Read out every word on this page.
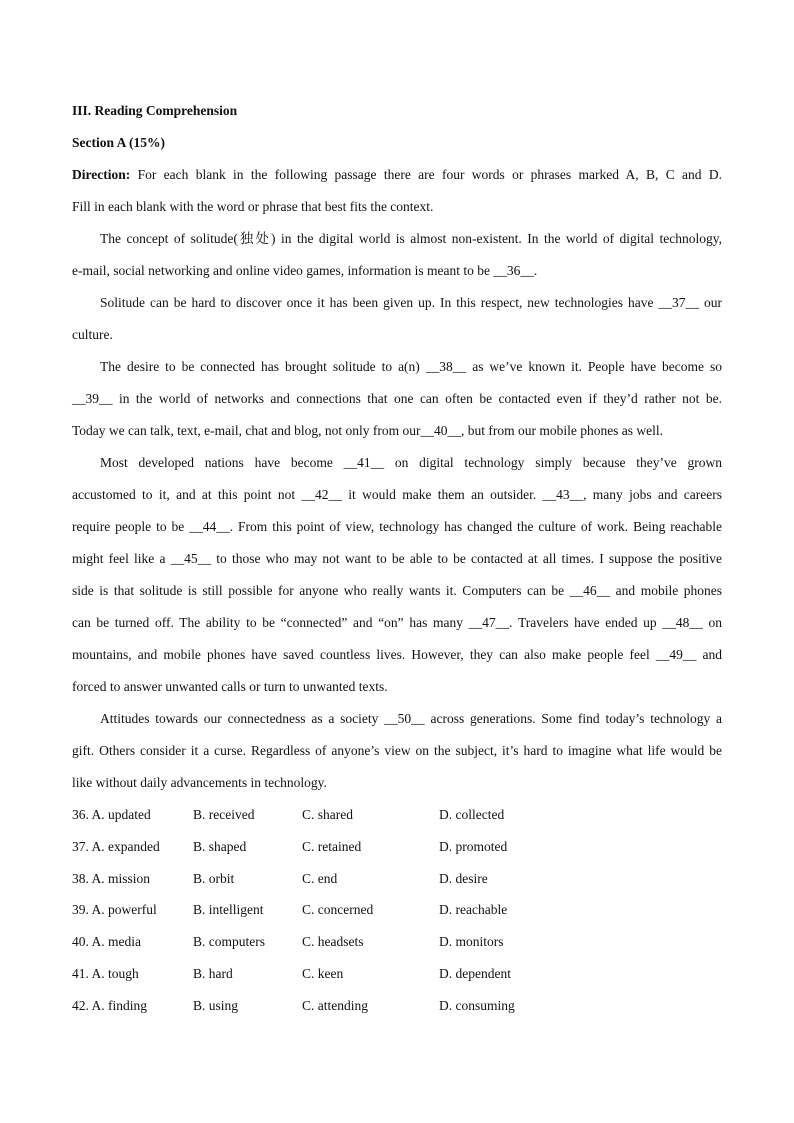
III. Reading Comprehension
Section A (15%)
Direction: For each blank in the following passage there are four words or phrases marked A, B, C and D.
Fill in each blank with the word or phrase that best fits the context.
The concept of solitude(独处) in the digital world is almost non-existent. In the world of digital technology,
e-mail, social networking and online video games, information is meant to be __36__.
Solitude can be hard to discover once it has been given up. In this respect, new technologies have __37__ our
culture.
The desire to be connected has brought solitude to a(n) __38__ as we’ve known it. People have become so
__39__ in the world of networks and connections that one can often be contacted even if they’d rather not be.
Today we can talk, text, e-mail, chat and blog, not only from our__40__, but from our mobile phones as well.
Most developed nations have become __41__ on digital technology simply because they’ve grown
accustomed to it, and at this point not __42__ it would make them an outsider. __43__, many jobs and careers
require people to be __44__. From this point of view, technology has changed the culture of work. Being reachable
might feel like a __45__ to those who may not want to be able to be contacted at all times. I suppose the positive
side is that solitude is still possible for anyone who really wants it. Computers can be __46__ and mobile phones
can be turned off. The ability to be “connected” and “on” has many __47__. Travelers have ended up __48__ on
mountains, and mobile phones have saved countless lives. However, they can also make people feel __49__ and
forced to answer unwanted calls or turn to unwanted texts.
Attitudes towards our connectedness as a society __50__ across generations. Some find today’s technology a
gift. Others consider it a curse. Regardless of anyone’s view on the subject, it’s hard to imagine what life would be
like without daily advancements in technology.
36. A. updated	B. received	C. shared	D. collected
37. A. expanded B. shaped	C. retained	D. promoted
38. A. mission	B. orbit	C. end	D. desire
39. A. powerful	B. intelligent	C. concerned	D. reachable
40. A. media	B. computers	C. headsets	D. monitors
41. A. tough	B. hard	C. keen	D. dependent
42. A. finding	B. using	C. attending	D. consuming
